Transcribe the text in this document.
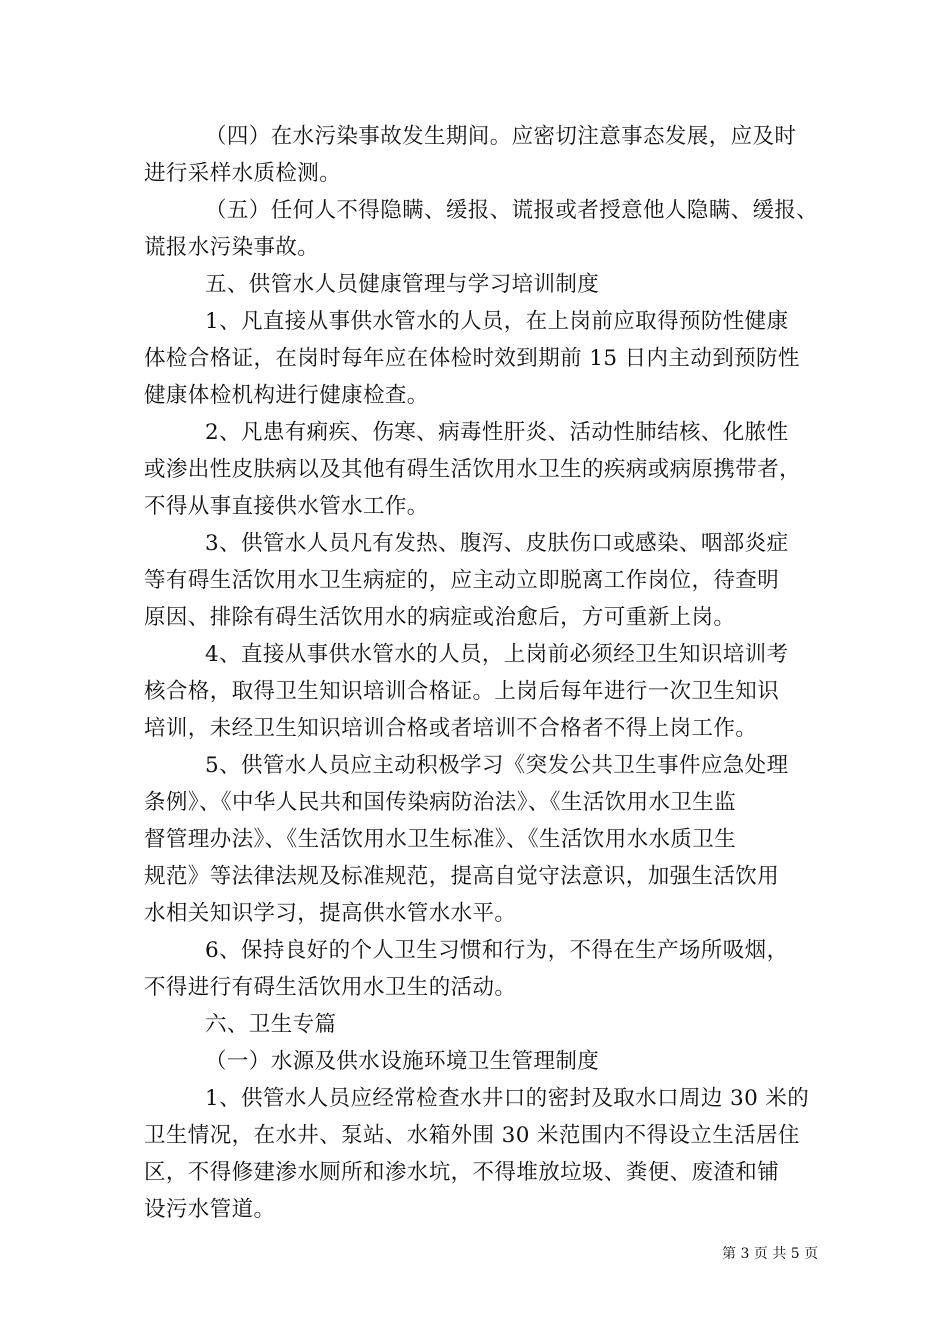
（四）在水污染事故发生期间。应密切注意事态发展，应及时
进行采样水质检测。
（五）任何人不得隐瞒、缓报、谎报或者授意他人隐瞒、缓报、
谎报水污染事故。
五、供管水人员健康管理与学习培训制度
1、凡直接从事供水管水的人员，在上岗前应取得预防性健康
体检合格证，在岗时每年应在体检时效到期前 15 日内主动到预防性
健康体检机构进行健康检查。
2、凡患有痢疾、伤寒、病毒性肝炎、活动性肺结核、化脓性
或渗出性皮肤病以及其他有碍生活饮用水卫生的疾病或病原携带者，
不得从事直接供水管水工作。
3、供管水人员凡有发热、腹泻、皮肤伤口或感染、咽部炎症
等有碍生活饮用水卫生病症的，应主动立即脱离工作岗位，待查明
原因、排除有碍生活饮用水的病症或治愈后，方可重新上岗。
4、直接从事供水管水的人员，上岗前必须经卫生知识培训考
核合格，取得卫生知识培训合格证。上岗后每年进行一次卫生知识
培训，未经卫生知识培训合格或者培训不合格者不得上岗工作。
5、供管水人员应主动积极学习《突发公共卫生事件应急处理
条例》、《中华人民共和国传染病防治法》、《生活饮用水卫生监
督管理办法》、《生活饮用水卫生标准》、《生活饮用水水质卫生
规范》等法律法规及标准规范，提高自觉守法意识，加强生活饮用
水相关知识学习，提高供水管水水平。
6、保持良好的个人卫生习惯和行为，不得在生产场所吸烟，
不得进行有碍生活饮用水卫生的活动。
六、卫生专篇
（一）水源及供水设施环境卫生管理制度
1、供管水人员应经常检查水井口的密封及取水口周边 30 米的
卫生情况，在水井、泵站、水箱外围 30 米范围内不得设立生活居住
区，不得修建渗水厕所和渗水坑，不得堆放垃圾、粪便、废渣和铺
设污水管道。
第 3 页 共 5 页
